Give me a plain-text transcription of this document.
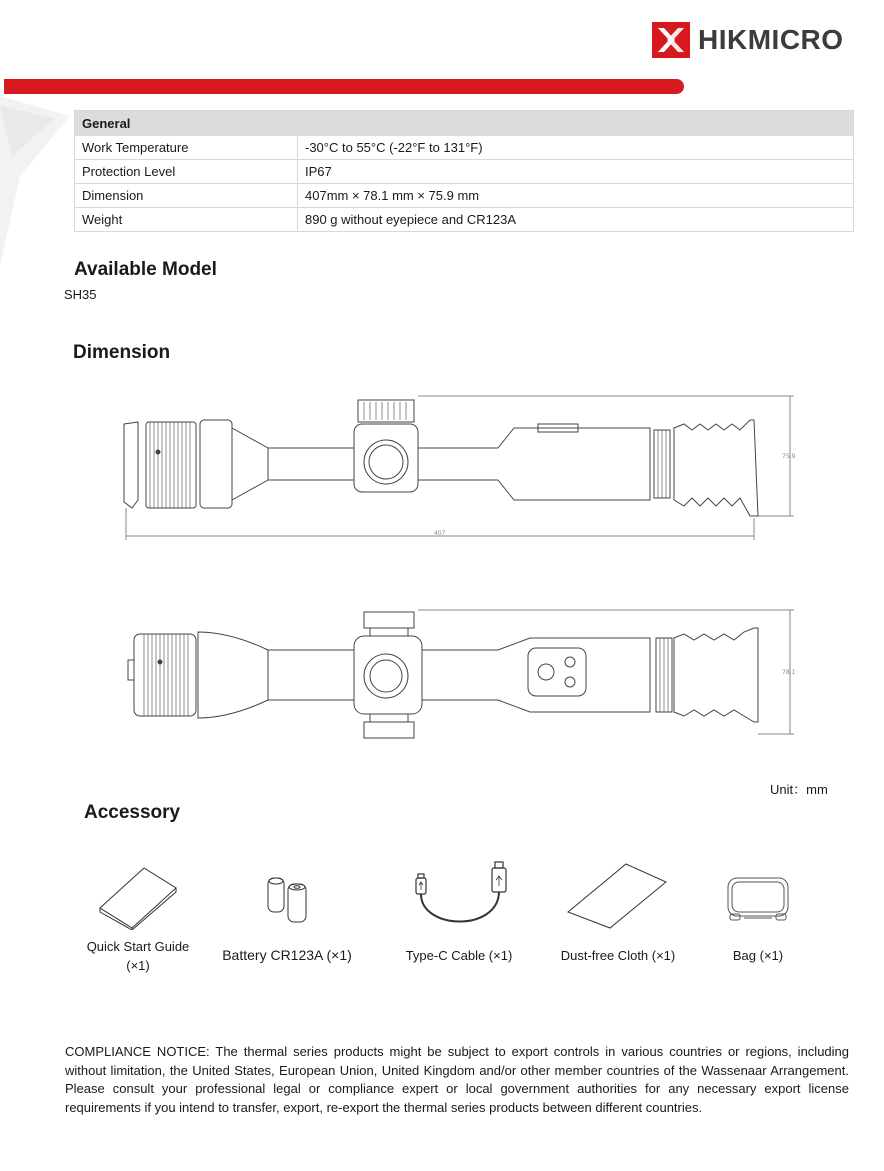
HIKMICRO
General	
Work Temperature	-30°C to 55°C (-22°F to 131°F)
Protection Level	IP67
Dimension	407mm × 78.1 mm × 75.9 mm
Weight	890 g without eyepiece and CR123A
Available Model
SH35
Dimension
407
75.9
78.1
Unit：mm
Accessory
Quick Start Guide
(×1)
Battery CR123A (×1)	Type-C Cable (×1)	Dust-free Cloth (×1)	Bag (×1)
COMPLIANCE NOTICE: The thermal series products might be subject to export controls in various countries or regions, including without limitation, the United States, European Union, United Kingdom and/or other member countries of the Wassenaar Arrangement. Please consult your professional legal or compliance expert or local government authorities for any necessary export license requirements if you intend to transfer, export, re-export the thermal series products between different countries.
